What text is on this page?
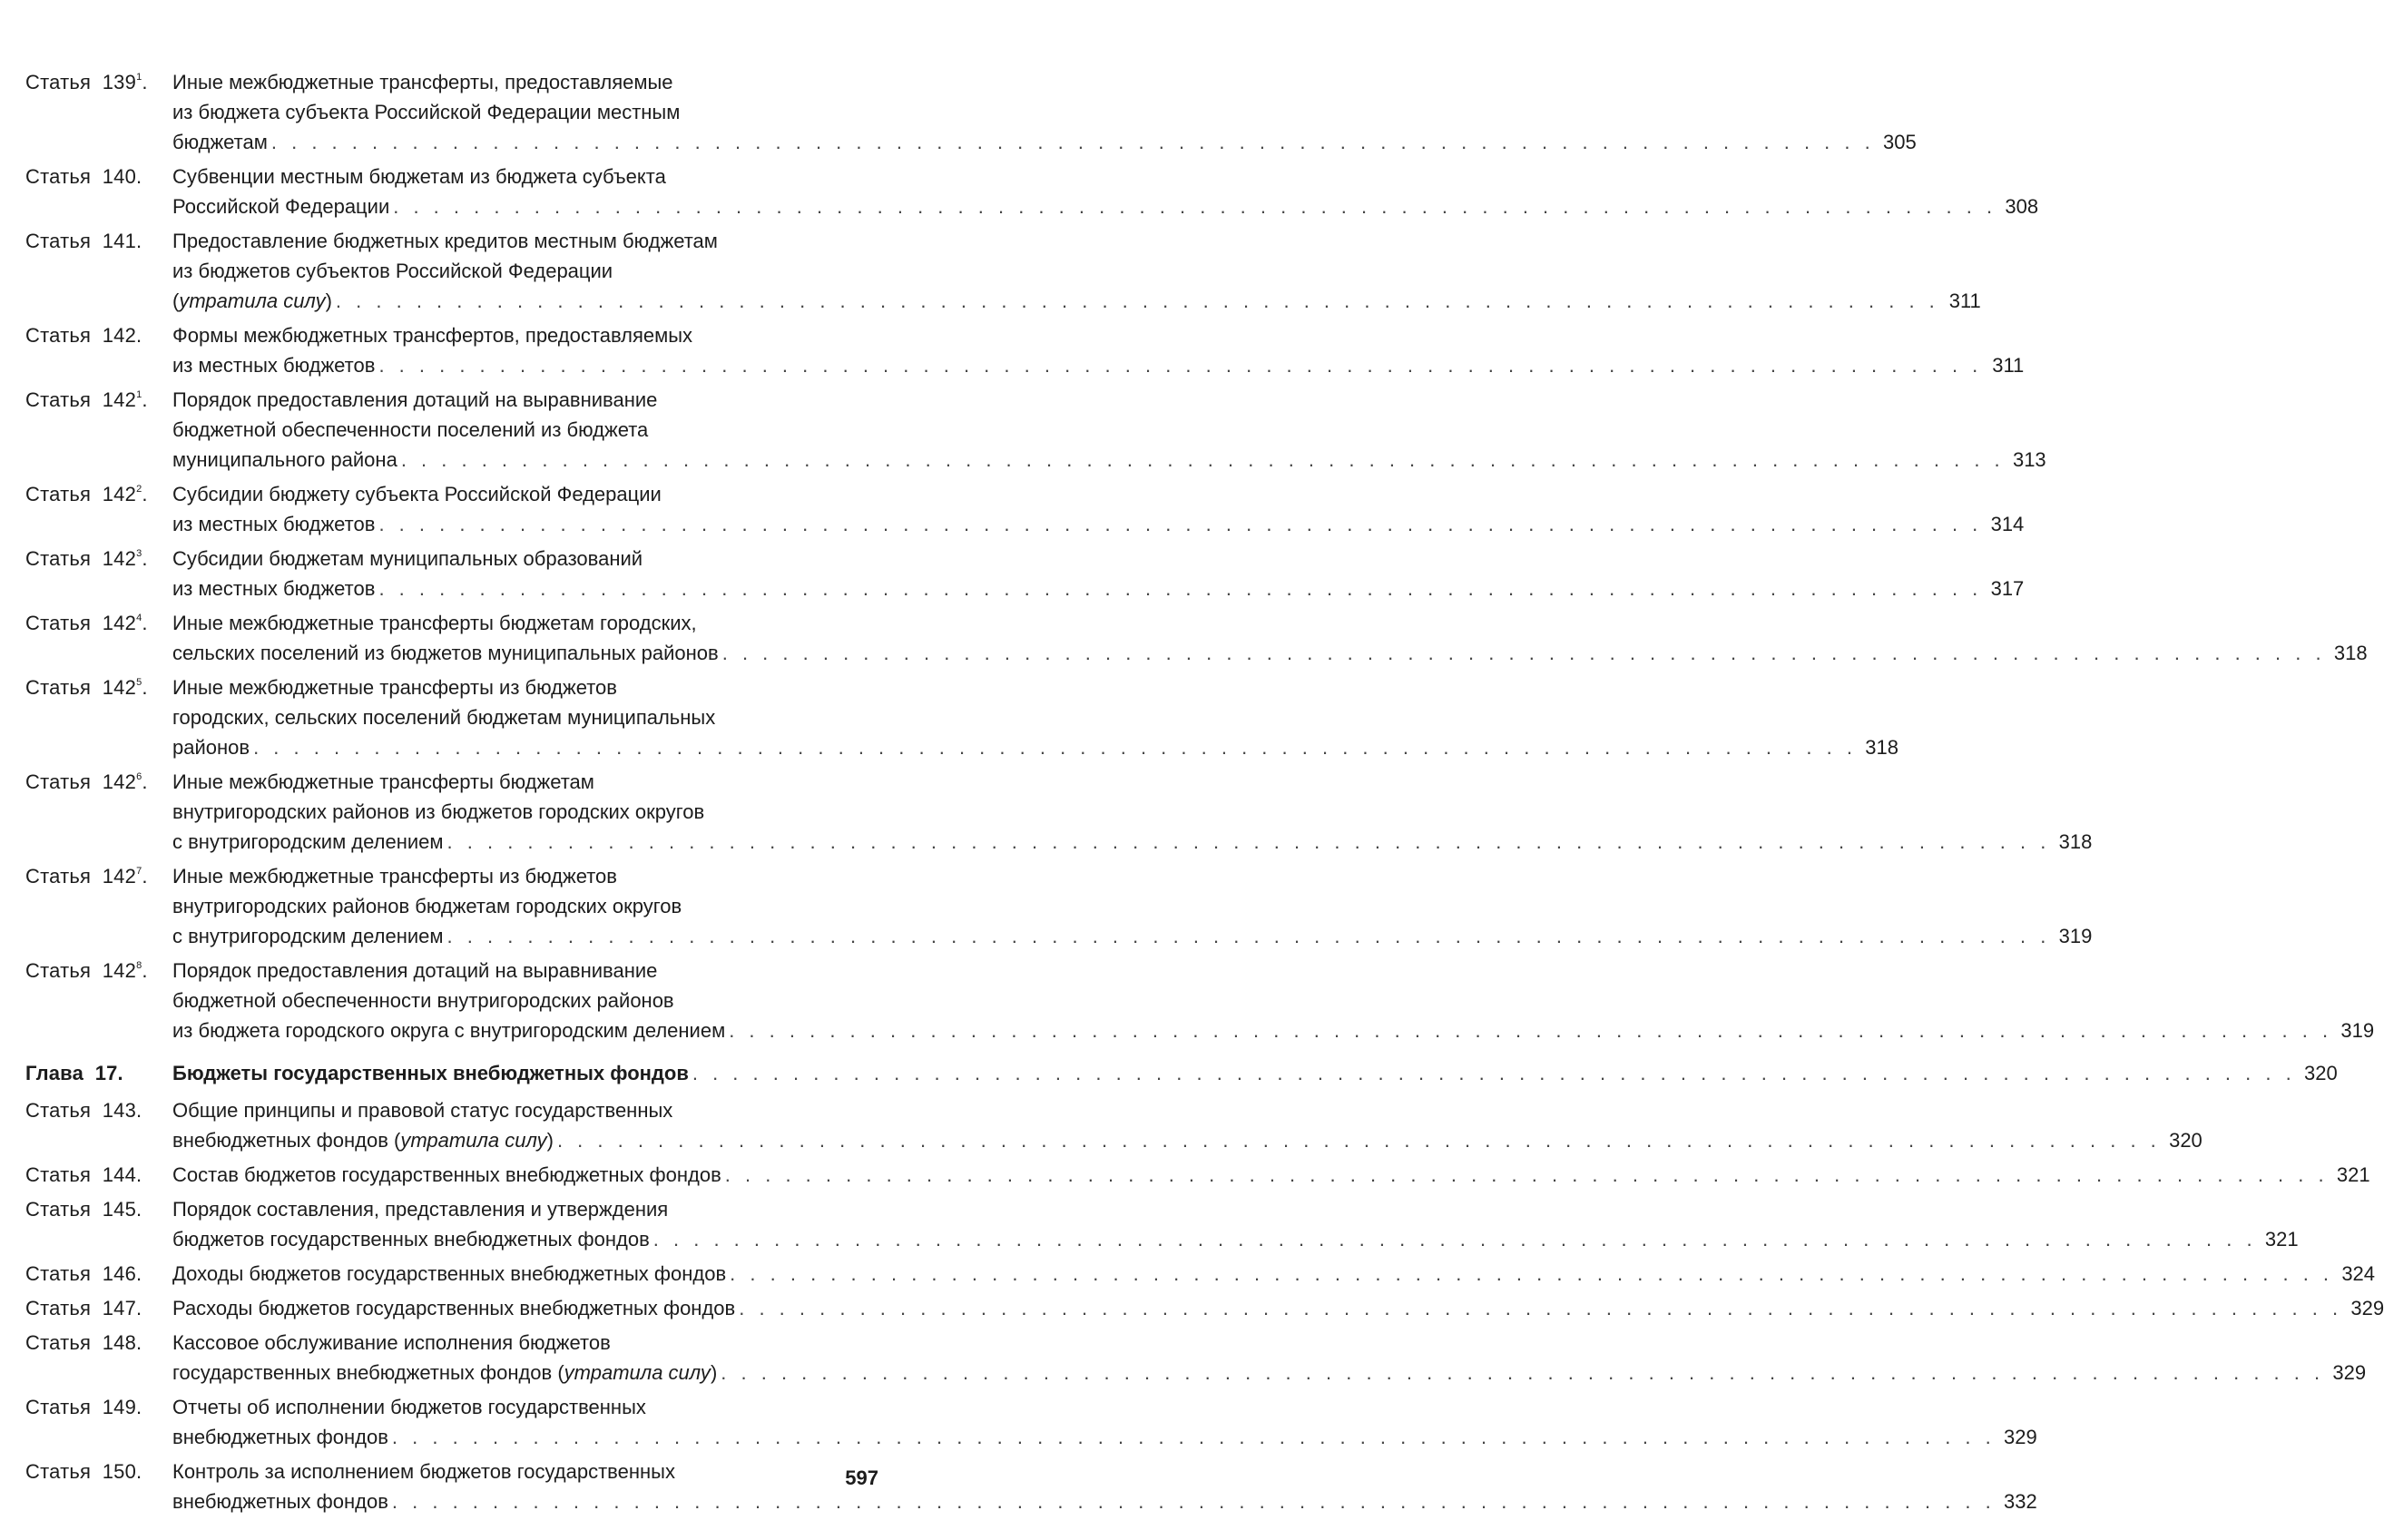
Статья $139^1$.	Иные межбюджетные трансферты, предоставляемые
из бюджета субъекта Российской Федерации местным
бюджетам . . .	305
Статья 140.	Субвенции местным бюджетам из бюджета субъекта
Российской Федерации . . .	308
Статья 141.	Предоставление бюджетных кредитов местным бюджетам
из бюджетов субъектов Российской Федерации
(утратила силу) . . .	311
Статья 142.	Формы межбюджетных трансфертов, предоставляемых
из местных бюджетов . . .	311
Статья $142^1$.	Порядок предоставления дотаций на выравнивание
бюджетной обеспеченности поселений из бюджета
муниципального района . . .	313
Статья $142^2$.	Субсидии бюджету субъекта Российской Федерации
из местных бюджетов . . .	314
Статья $142^3$.	Субсидии бюджетам муниципальных образований
из местных бюджетов . . .	317
Статья $142^4$.	Иные межбюджетные трансферты бюджетам городских,
сельских поселений из бюджетов муниципальных районов . . .	318
Статья $142^5$.	Иные межбюджетные трансферты из бюджетов
городских, сельских поселений бюджетам муниципальных
районов . . .	318
Статья $142^6$.	Иные межбюджетные трансферты бюджетам
внутригородских районов из бюджетов городских округов
с внутригородским делением . . .	318
Статья $142^7$.	Иные межбюджетные трансферты из бюджетов
внутригородских районов бюджетам городских округов
с внутригородским делением . . .	319
Статья $142^8$.	Порядок предоставления дотаций на выравнивание
бюджетной обеспеченности внутригородских районов
из бюджета городского округа с внутригородским делением . . .	319
Глава 17.	Бюджеты государственных внебюджетных фондов . . .	320
Статья 143.	Общие принципы и правовой статус государственных
внебюджетных фондов (утратила силу) . . .	320
Статья 144.	Состав бюджетов государственных внебюджетных фондов . . .	321
Статья 145.	Порядок составления, представления и утверждения
бюджетов государственных внебюджетных фондов . . .	321
Статья 146.	Доходы бюджетов государственных внебюджетных фондов . . .	324
Статья 147.	Расходы бюджетов государственных внебюджетных фондов . . .	329
Статья 148.	Кассовое обслуживание исполнения бюджетов
государственных внебюджетных фондов (утратила силу) . . .	329
Статья 149.	Отчеты об исполнении бюджетов государственных
внебюджетных фондов . . .	329
Статья 150.	Контроль за исполнением бюджетов государственных
внебюджетных фондов . . .	332
597
